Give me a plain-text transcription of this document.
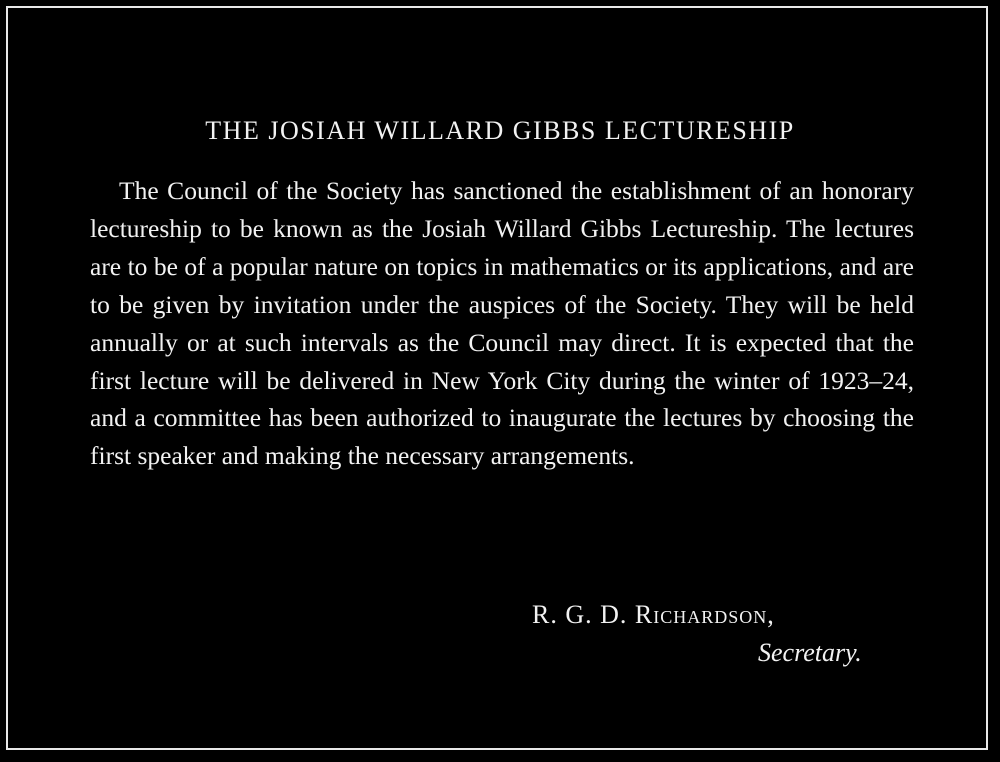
THE JOSIAH WILLARD GIBBS LECTURESHIP

The Council of the Society has sanctioned the establishment of an honorary lectureship to be known as the Josiah Willard Gibbs Lectureship. The lectures are to be of a popular nature on topics in mathematics or its applications, and are to be given by invitation under the auspices of the Society. They will be held annually or at such intervals as the Council may direct. It is expected that the first lecture will be delivered in New York City during the winter of 1923–24, and a committee has been authorized to inaugurate the lectures by choosing the first speaker and making the necessary arrangements.

R. G. D. Richardson,

Secretary.
